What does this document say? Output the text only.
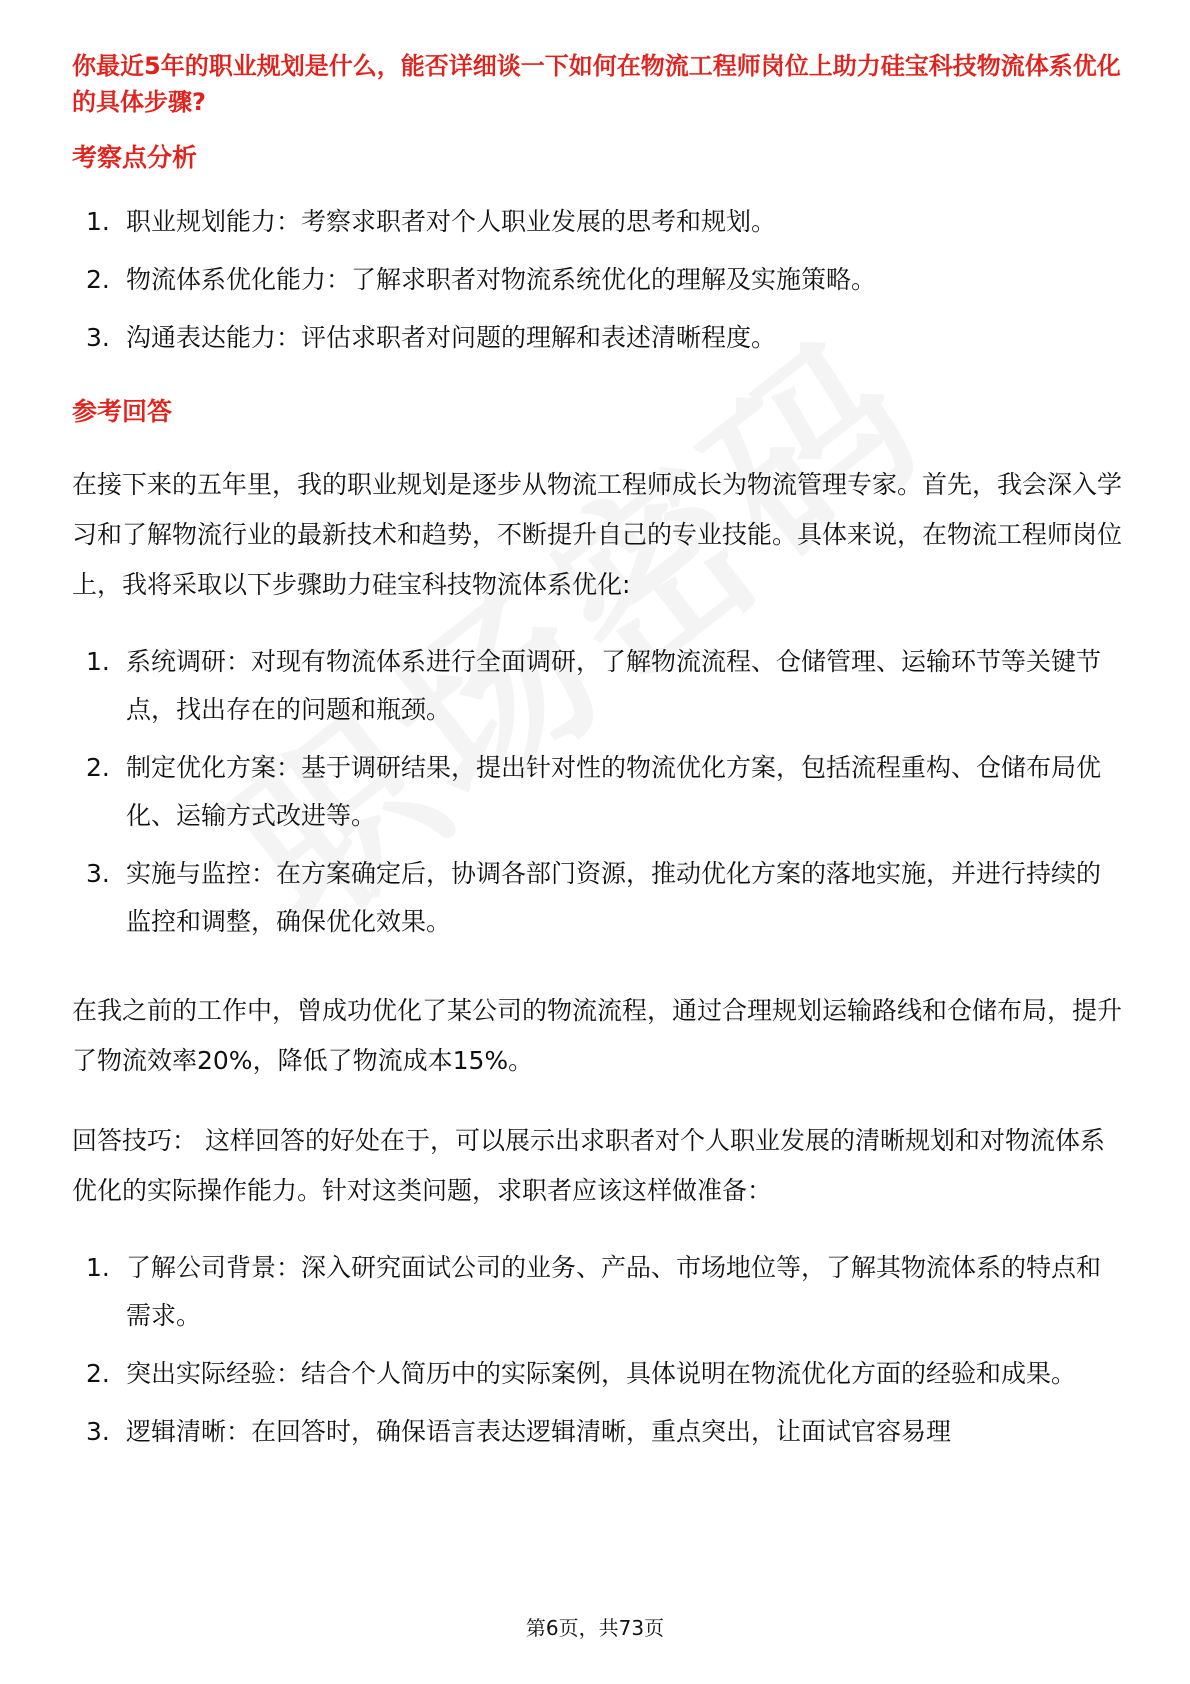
你最近5年的职业规划是什么，能否详细谈一下如何在物流工程师岗位上助力硅宝科技物流体系优化的具体步骤?

考察点分析

1. 职业规划能力：考察求职者对个人职业发展的思考和规划。
2. 物流体系优化能力：了解求职者对物流系统优化的理解及实施策略。
3. 沟通表达能力：评估求职者对问题的理解和表述清晰程度。

参考回答

在接下来的五年里，我的职业规划是逐步从物流工程师成长为物流管理专家。首先，我会深入学习和了解物流行业的最新技术和趋势，不断提升自己的专业技能。具体来说，在物流工程师岗位上，我将采取以下步骤助力硅宝科技物流体系优化:

1. 系统调研：对现有物流体系进行全面调研，了解物流流程、仓储管理、运输环节等关键节点，找出存在的问题和瓶颈。
2. 制定优化方案：基于调研结果，提出针对性的物流优化方案，包括流程重构、仓储布局优化、运输方式改进等。
3. 实施与监控：在方案确定后，协调各部门资源，推动优化方案的落地实施，并进行持续的监控和调整，确保优化效果。

在我之前的工作中，曾成功优化了某公司的物流流程，通过合理规划运输路线和仓储布局，提升了物流效率20%，降低了物流成本15%。

回答技巧： 这样回答的好处在于，可以展示出求职者对个人职业发展的清晰规划和对物流体系优化的实际操作能力。针对这类问题，求职者应该这样做准备：

1. 了解公司背景：深入研究面试公司的业务、产品、市场地位等，了解其物流体系的特点和需求。
2. 突出实际经验：结合个人简历中的实际案例，具体说明在物流优化方面的经验和成果。
3. 逻辑清晰：在回答时，确保语言表达逻辑清晰，重点突出，让面试官容易理
第6页，共73页
